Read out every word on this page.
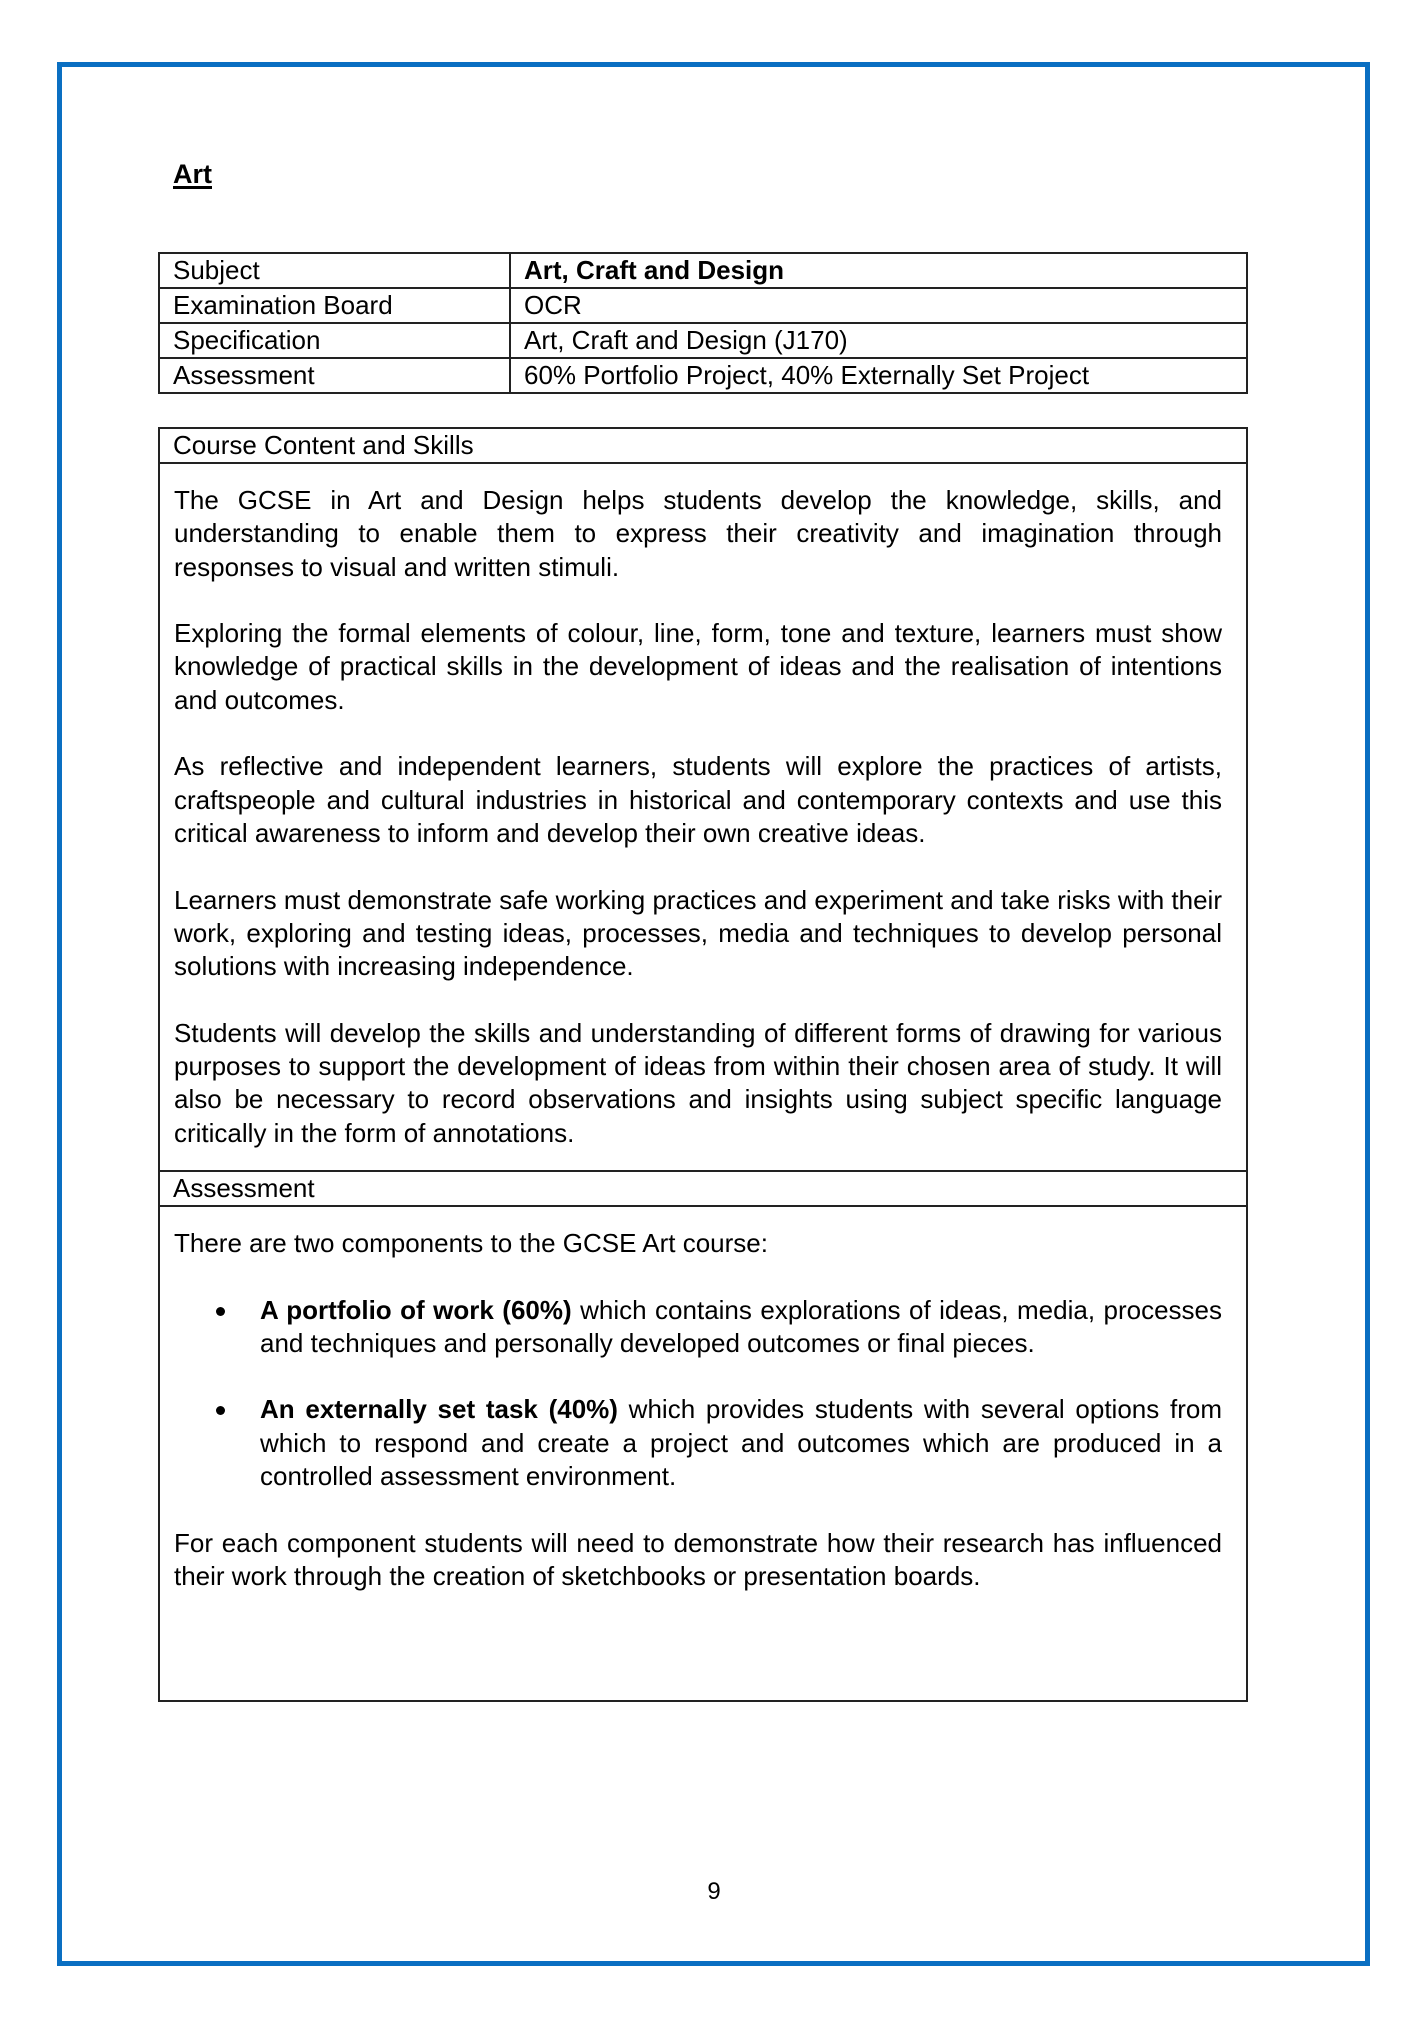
Art
Subject	Art, Craft and Design
Examination Board	OCR
Specification	Art, Craft and Design (J170)
Assessment	60% Portfolio Project, 40% Externally Set Project
Course Content and Skills

The GCSE in Art and Design helps students develop the knowledge, skills, and understanding to enable them to express their creativity and imagination through responses to visual and written stimuli.

Exploring the formal elements of colour, line, form, tone and texture, learners must show knowledge of practical skills in the development of ideas and the realisation of intentions and outcomes.

As reflective and independent learners, students will explore the practices of artists, craftspeople and cultural industries in historical and contemporary contexts and use this critical awareness to inform and develop their own creative ideas.

Learners must demonstrate safe working practices and experiment and take risks with their work, exploring and testing ideas, processes, media and techniques to develop personal solutions with increasing independence.

Students will develop the skills and understanding of different forms of drawing for various purposes to support the development of ideas from within their chosen area of study. It will also be necessary to record observations and insights using subject specific language critically in the form of annotations.

Assessment

There are two components to the GCSE Art course:

A portfolio of work (60%) which contains explorations of ideas, media, processes and techniques and personally developed outcomes or final pieces.
An externally set task (40%) which provides students with several options from which to respond and create a project and outcomes which are produced in a controlled assessment environment.

For each component students will need to demonstrate how their research has influenced their work through the creation of sketchbooks or presentation boards.

9
